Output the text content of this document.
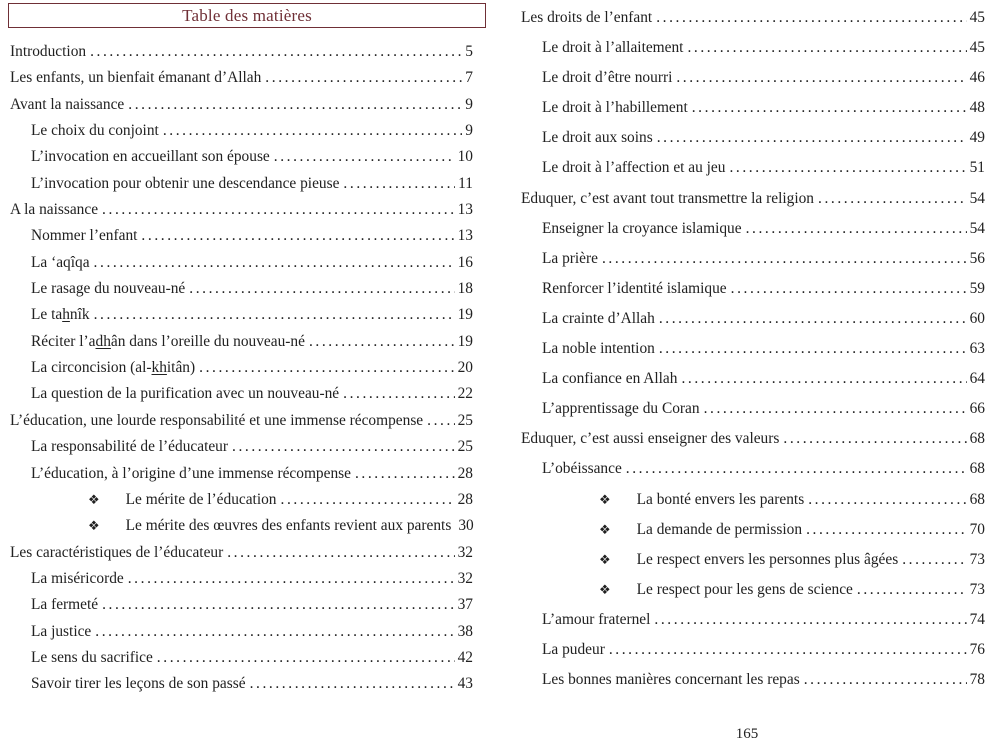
Table des matières
Introduction .....	5
Les enfants, un bienfait émanant d’Allah .....	7
Avant la naissance .....	9
Le choix du conjoint .....	9
L’invocation en accueillant son épouse .....	10
L’invocation pour obtenir une descendance pieuse .....	11
A la naissance .....	13
Nommer l’enfant .....	13
La ‘aqîqa .....	16
Le rasage du nouveau-né .....	18
Le tahnîk .....	19
Réciter l’adhân dans l’oreille du nouveau-né .....	19
La circoncision (al-khitân) .....	20
La question de la purification avec un nouveau-né .....	22
L’éducation, une lourde responsabilité et une immense récompense ..... 25
La responsabilité de l’éducateur .....	25
L’éducation, à l’origine d’une immense récompense .....	28
❖ Le mérite de l’éducation .....	28
❖ Le mérite des œuvres des enfants revient aux parents 30
Les caractéristiques de l’éducateur .....	32
La miséricorde .....	32
La fermeté .....	37
La justice .....	38
Le sens du sacrifice .....	42
Savoir tirer les leçons de son passé .....	43
Les droits de l’enfant .....	45
Le droit à l’allaitement .....	45
Le droit d’être nourri .....	46
Le droit à l’habillement .....	48
Le droit aux soins .....	49
Le droit à l’affection et au jeu .....	51
Eduquer, c’est avant tout transmettre la religion .....	54
Enseigner la croyance islamique .....	54
La prière .....	56
Renforcer l’identité islamique .....	59
La crainte d’Allah .....	60
La noble intention .....	63
La confiance en Allah .....	64
L’apprentissage du Coran .....	66
Eduquer, c’est aussi enseigner des valeurs .....	68
L’obéissance .....	68
❖ La bonté envers les parents .....	68
❖ La demande de permission .....	70
❖ Le respect envers les personnes plus âgées .....	73
❖ Le respect pour les gens de science .....	73
L’amour fraternel .....	74
La pudeur .....	76
Les bonnes manières concernant les repas .....	78
165
